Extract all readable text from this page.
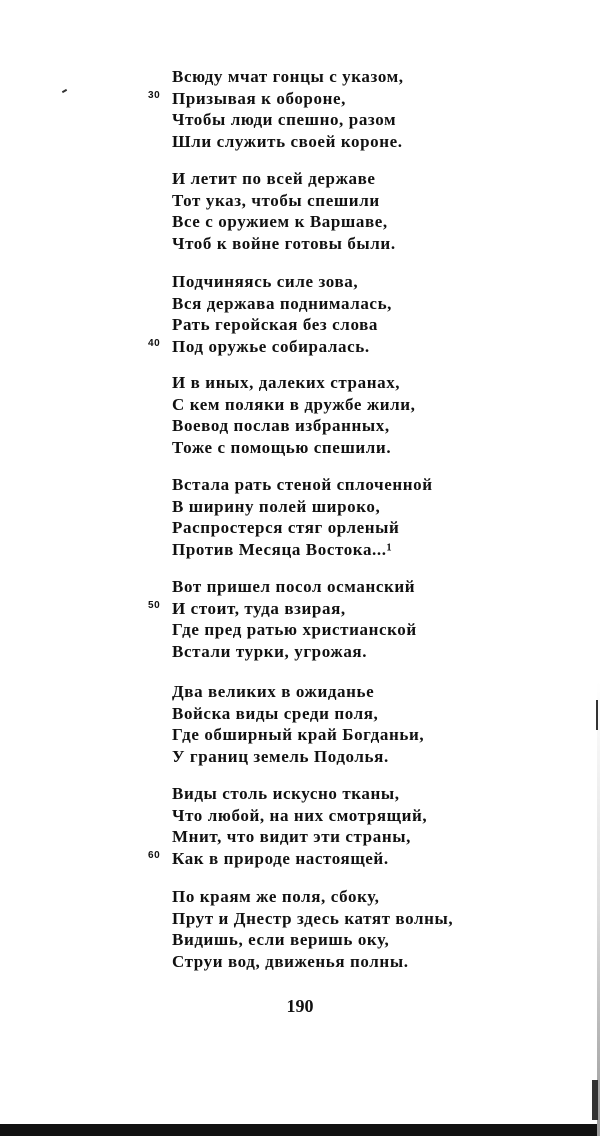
Всюду мчат гонцы с указом,
Призывая к обороне,
30
Чтобы люди спешно, разом
Шли служить своей короне.
И летит по всей державе
Тот указ, чтобы спешили
Все с оружием к Варшаве,
Чтоб к войне готовы были.
Подчиняясь силе зова,
Вся держава поднималась,
Рать геройская без слова
Под оружье собиралась.
40
И в иных, далеких странах,
С кем поляки в дружбе жили,
Воевод послав избранных,
Тоже с помощью спешили.
Встала рать стеной сплоченной
В ширину полей широко,
Распростерся стяг орленый
Против Месяца Востока...¹
Вот пришел посол османский
И стоит, туда взирая,
50
Где пред ратью христианской
Встали турки, угрожая.
Два великих в ожиданье
Войска виды среди поля,
Где обширный край Богданьи,
У границ земель Подолья.
Виды столь искусно тканы,
Что любой, на них смотрящий,
Мнит, что видит эти страны,
Как в природе настоящей.
60
По краям же поля, сбоку,
Прут и Днестр здесь катят волны,
Видишь, если веришь оку,
Струи вод, движенья полны.
190
